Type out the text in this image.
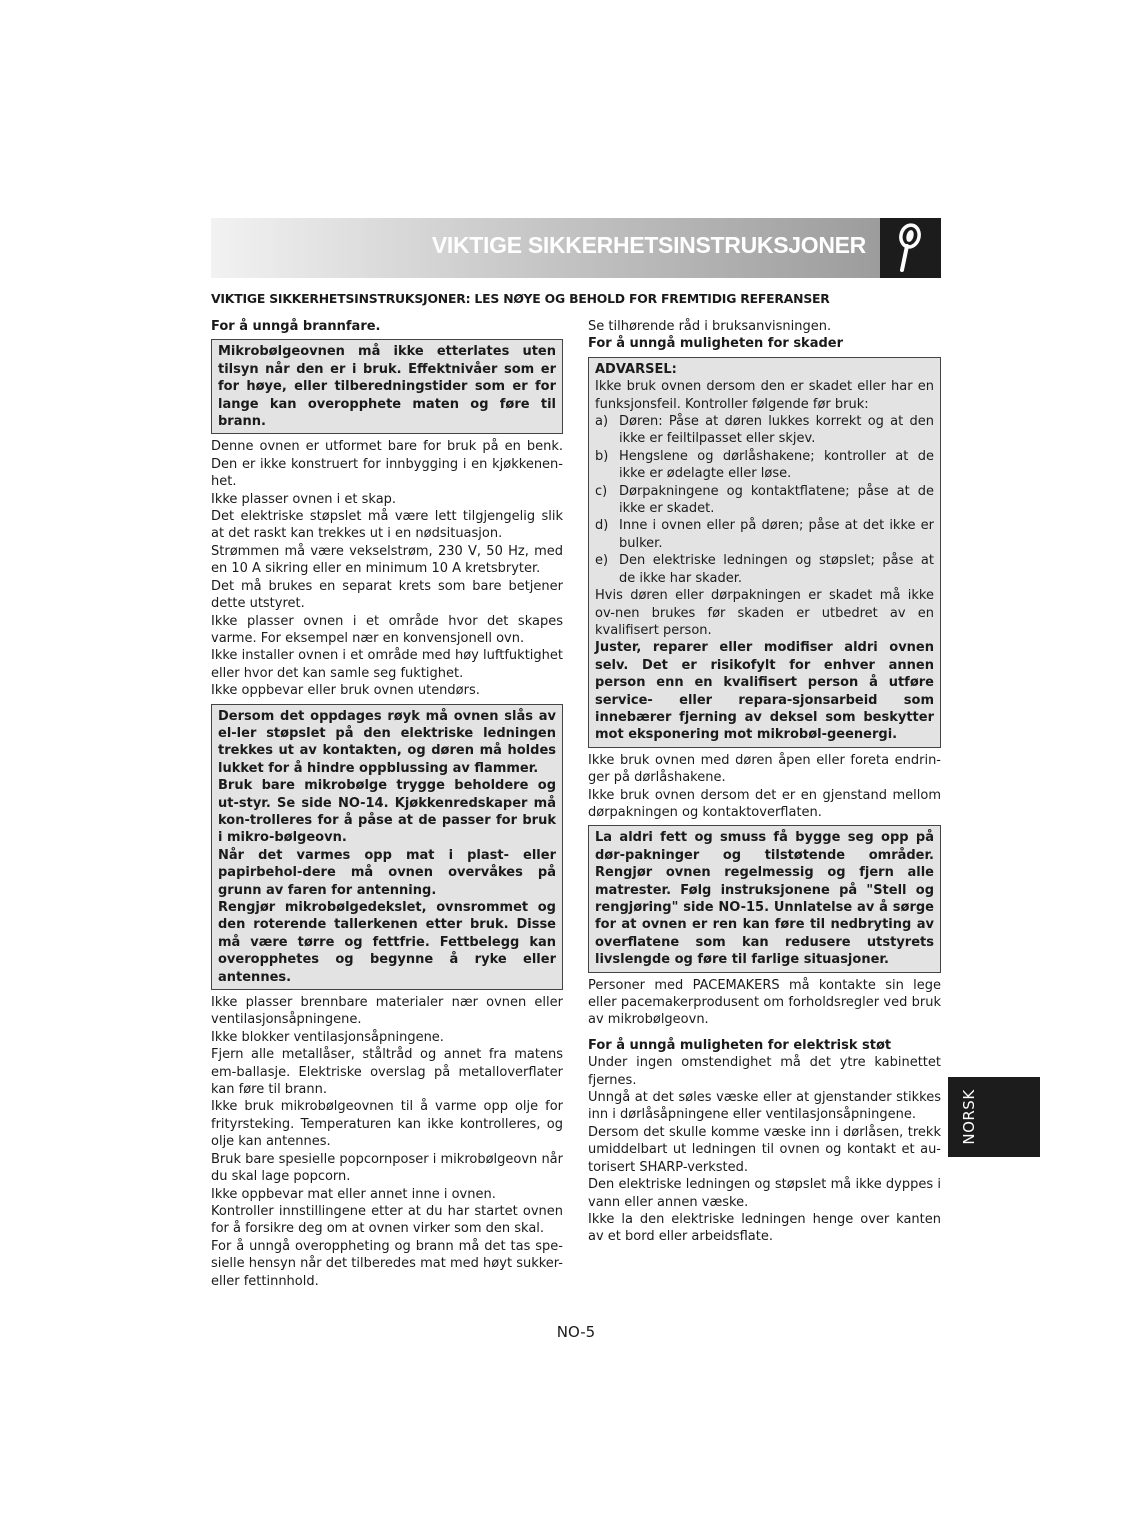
VIKTIGE SIKKERHETSINSTRUKSJONER
VIKTIGE SIKKERHETSINSTRUKSJONER: LES NØYE OG BEHOLD FOR FREMTIDIG REFERANSER

For å unngå brannfare.

Mikrobølgeovnen må ikke etterlates uten tilsyn når den er i bruk. Effektnivåer som er for høye, eller tilberedningstider som er for lange kan overopphete maten og føre til brann.

Denne ovnen er utformet bare for bruk på en benk. Den er ikke konstruert for innbygging i en kjøkkenen-het.

Ikke plasser ovnen i et skap.

Det elektriske støpslet må være lett tilgjengelig slik at det raskt kan trekkes ut i en nødsituasjon.

Strømmen må være vekselstrøm, 230 V, 50 Hz, med en 10 A sikring eller en minimum 10 A kretsbryter.

Det må brukes en separat krets som bare betjener dette utstyret.

Ikke plasser ovnen i et område hvor det skapes varme. For eksempel nær en konvensjonell ovn.

Ikke installer ovnen i et område med høy luftfuktighet eller hvor det kan samle seg fuktighet.

Ikke oppbevar eller bruk ovnen utendørs.

Dersom det oppdages røyk må ovnen slås av el-ler støpslet på den elektriske ledningen trekkes ut av kontakten, og døren må holdes lukket for å hindre oppblussing av flammer.

Bruk bare mikrobølge trygge beholdere og ut-styr. Se side NO-14. Kjøkkenredskaper må kon-trolleres for å påse at de passer for bruk i mikro-bølgeovn.

Når det varmes opp mat i plast- eller papirbehol-dere må ovnen overvåkes på grunn av faren for antenning.

Rengjør mikrobølgedekslet, ovnsrommet og den roterende tallerkenen etter bruk. Disse må være tørre og fettfrie. Fettbelegg kan overopphetes og begynne å ryke eller antennes.

Ikke plasser brennbare materialer nær ovnen eller ventilasjonsåpningene.

Ikke blokker ventilasjonsåpningene.

Fjern alle metallåser, ståltråd og annet fra matens em-ballasje. Elektriske overslag på metalloverflater kan føre til brann.

Ikke bruk mikrobølgeovnen til å varme opp olje for frityrsteking. Temperaturen kan ikke kontrolleres, og olje kan antennes.

Bruk bare spesielle popcornposer i mikrobølgeovn når du skal lage popcorn.

Ikke oppbevar mat eller annet inne i ovnen.

Kontroller innstillingene etter at du har startet ovnen for å forsikre deg om at ovnen virker som den skal.

For å unngå overoppheting og brann må det tas spe-sielle hensyn når det tilberedes mat med høyt sukker-eller fettinnhold.

Se tilhørende råd i bruksanvisningen.

For å unngå muligheten for skader

ADVARSEL:

Ikke bruk ovnen dersom den er skadet eller har en funksjonsfeil. Kontroller følgende før bruk:

a) Døren: Påse at døren lukkes korrekt og at den ikke er feiltilpasset eller skjev.
b) Hengslene og dørlåshakene; kontroller at de ikke er ødelagte eller løse.
c) Dørpakningene og kontaktflatene; påse at de ikke er skadet.
d) Inne i ovnen eller på døren; påse at det ikke er bulker.
e) Den elektriske ledningen og støpslet; påse at de ikke har skader.

Hvis døren eller dørpakningen er skadet må ikke ov-nen brukes før skaden er utbedret av en kvalifisert person.

Juster, reparer eller modifiser aldri ovnen selv. Det er risikofylt for enhver annen person enn en kvalifisert person å utføre service- eller repara-sjonsarbeid som innebærer fjerning av deksel som beskytter mot eksponering mot mikrobøl-geenergi.

Ikke bruk ovnen med døren åpen eller foreta endrin-ger på dørlåshakene.

Ikke bruk ovnen dersom det er en gjenstand mellom dørpakningen og kontaktoverflaten.

La aldri fett og smuss få bygge seg opp på dør-pakninger og tilstøtende områder. Rengjør ovnen regelmessig og fjern alle matrester. Følg instruksjonene på "Stell og rengjøring" side NO-15. Unnlatelse av å sørge for at ovnen er ren kan føre til nedbryting av overflatene som kan redusere utstyrets livslengde og føre til farlige situasjoner.

Personer med PACEMAKERS må kontakte sin lege eller pacemakerprodusent om forholdsregler ved bruk av mikrobølgeovn.

For å unngå muligheten for elektrisk støt

Under ingen omstendighet må det ytre kabinettet fjernes.

Unngå at det søles væske eller at gjenstander stikkes inn i dørlåsåpningene eller ventilasjonsåpningene.

Dersom det skulle komme væske inn i dørlåsen, trekk umiddelbart ut ledningen til ovnen og kontakt et au-torisert SHARP-verksted.

Den elektriske ledningen og støpslet må ikke dyppes i vann eller annen væske.

Ikke la den elektriske ledningen henge over kanten av et bord eller arbeidsflate.

NORSK
NO-5
